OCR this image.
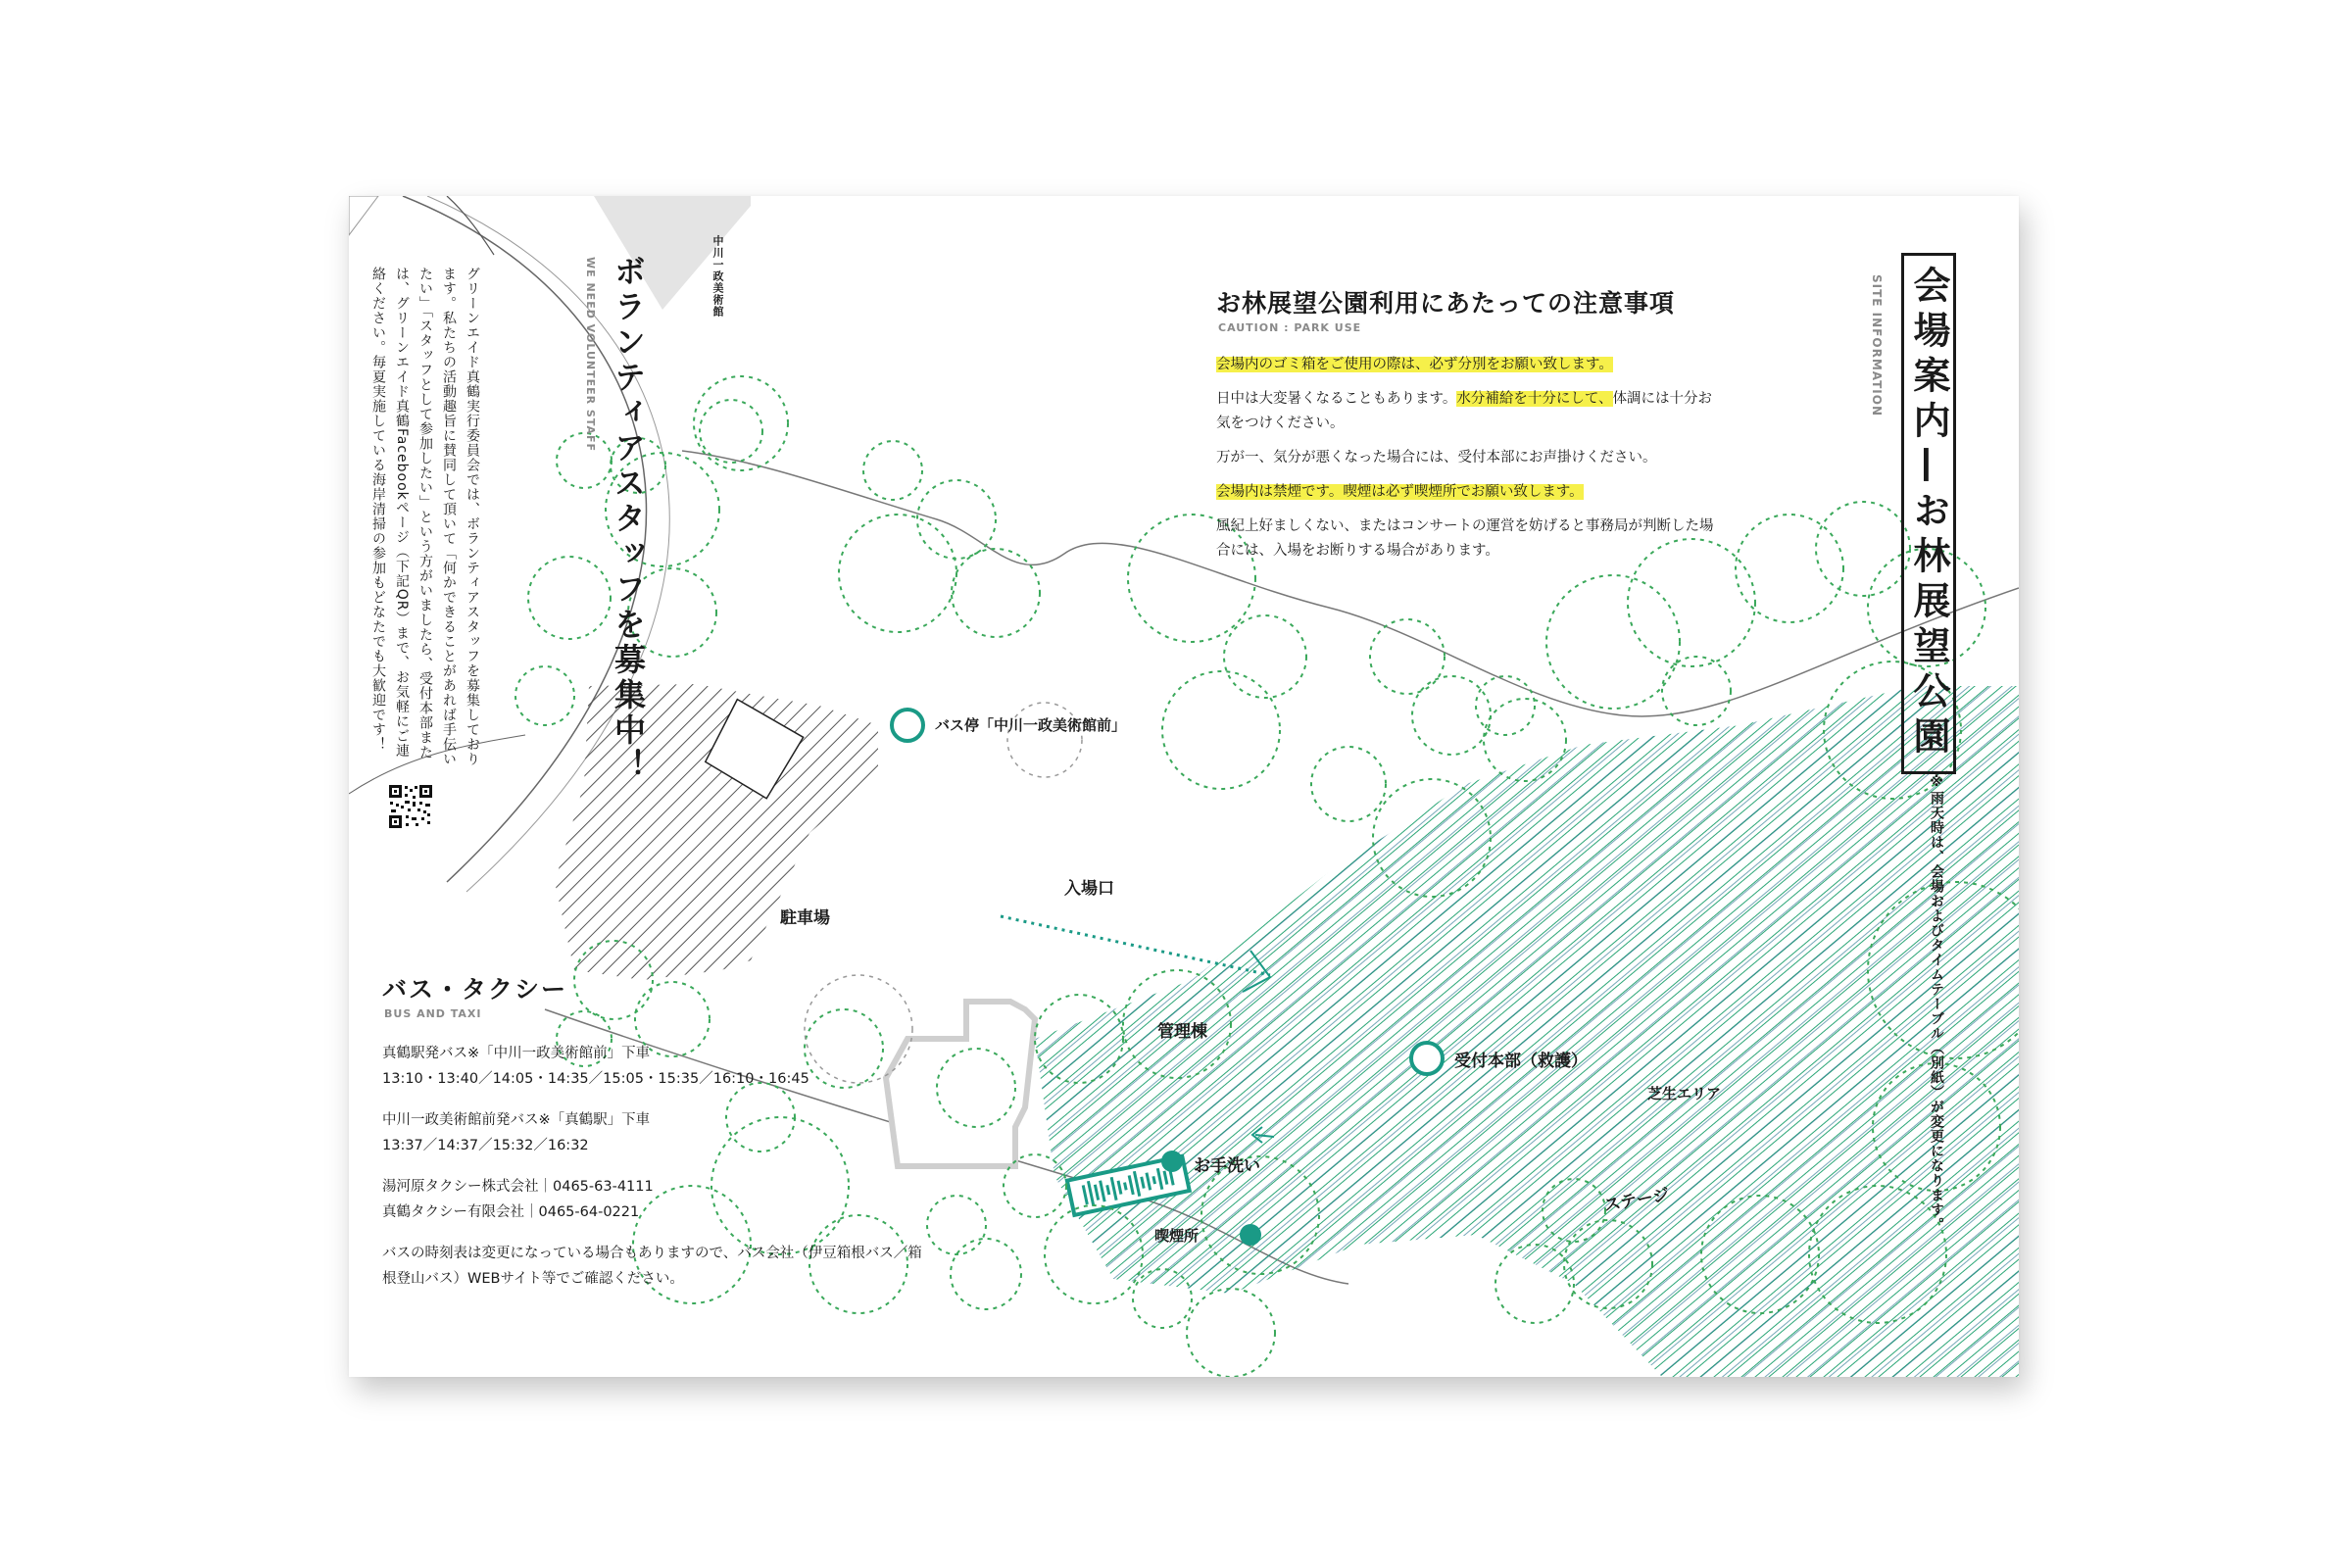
中川一政美術館
ボランティアスタッフを募集中！
WE NEED VOLUNTEER STAFF
グリーンエイド真鶴実行委員会では、ボランティアスタッフを募集しております。私たちの活動趣旨に賛同して頂いて「何かできることがあれば手伝いたい」「スタッフとして参加したい」という方がいましたら、受付本部または、グリーンエイド真鶴Facebookページ（下記QR）まで、お気軽にご連絡ください。毎夏実施している海岸清掃の参加もどなたでも大歓迎です！	お林展望公園利用にあたっての注意事項
CAUTION : PARK USE

会場内のゴミ箱をご使用の際は、必ず分別をお願い致します。

日中は大変暑くなることもあります。水分補給を十分にして、体調には十分お気をつけください。

万が一、気分が悪くなった場合には、受付本部にお声掛けください。

会場内は禁煙です。喫煙は必ず喫煙所でお願い致します。

風紀上好ましくない、またはコンサートの運営を妨げると事務局が判断した場合には、入場をお断りする場合があります。

SITE INFORMATION 会場案内—お林展望公園
※雨天時は、会場およびタイムテーブル（別紙）が変更になります。
バス停「中川一政美術館前」
入場口
駐車場
管理棟
お手洗い
受付本部（救護）
芝生エリア
ステージ
喫煙所
バス・タクシー
BUS AND TAXI

真鶴駅発バス※「中川一政美術館前」下車
13:10・13:40／14:05・14:35／15:05・15:35／16:10・16:45

中川一政美術館前発バス※「真鶴駅」下車
13:37／14:37／15:32／16:32

湯河原タクシー株式会社｜0465-63-4111
真鶴タクシー有限会社｜0465-64-0221

バスの時刻表は変更になっている場合もありますので、バス会社（伊豆箱根バス／箱根登山バス）WEBサイト等でご確認ください。
